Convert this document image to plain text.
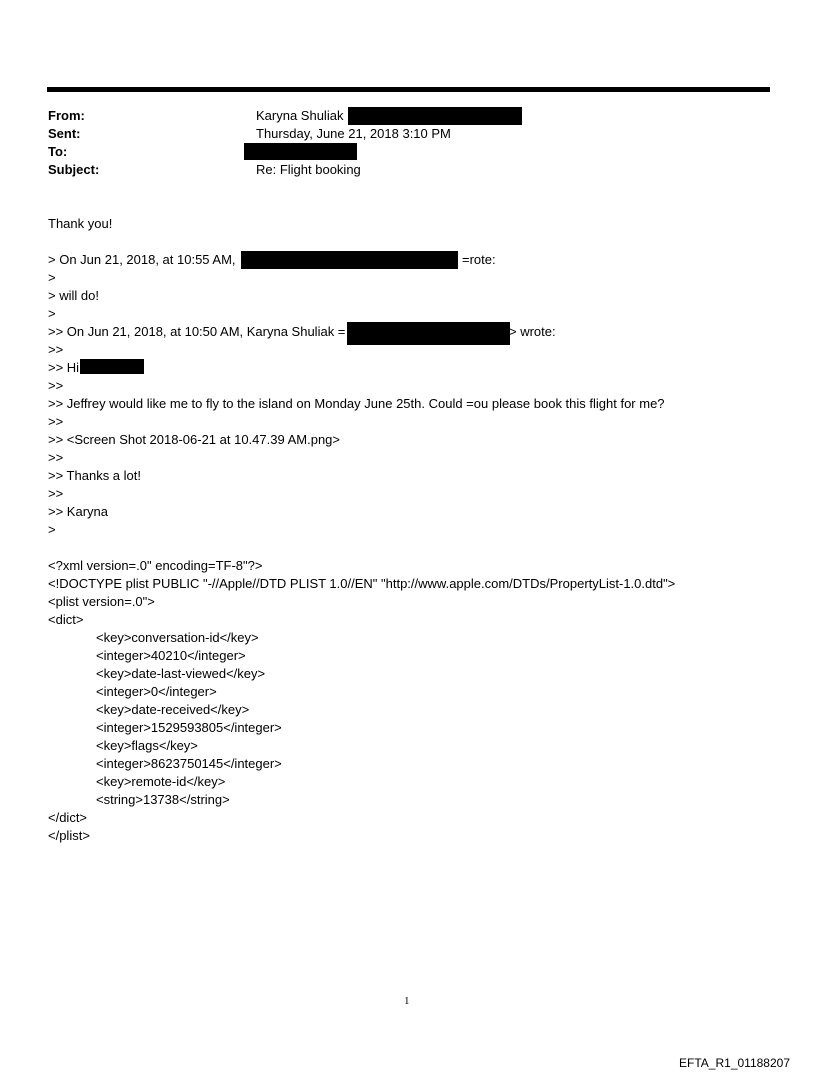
From:	Karyna Shuliak
Sent:	Thursday, June 21, 2018 3:10 PM
To:
Subject:	Re: Flight booking
Thank you!
> On Jun 21, 2018, at 10:55 AM,	=rote:
>
> will do!
>
>> On Jun 21, 2018, at 10:50 AM, Karyna Shuliak =	> wrote:
>>
>> Hi
>>
>> Jeffrey would like me to fly to the island on Monday June 25th. Could =ou please book this flight for me?
>>
>> <Screen Shot 2018-06-21 at 10.47.39 AM.png>
>>
>> Thanks a lot!
>>
>> Karyna
>
<?xml version=.0" encoding=TF-8"?>
<!DOCTYPE plist PUBLIC "-//Apple//DTD PLIST 1.0//EN" "http://www.apple.com/DTDs/PropertyList-1.0.dtd">
<plist version=.0">
<dict>
<key>conversation-id</key>
<integer>40210</integer>
<key>date-last-viewed</key>
<integer>0</integer>
<key>date-received</key>
<integer>1529593805</integer>
<key>flags</key>
<integer>8623750145</integer>
<key>remote-id</key>
<string>13738</string>
</dict>
</plist>
1
EFTA_R1_01188207
